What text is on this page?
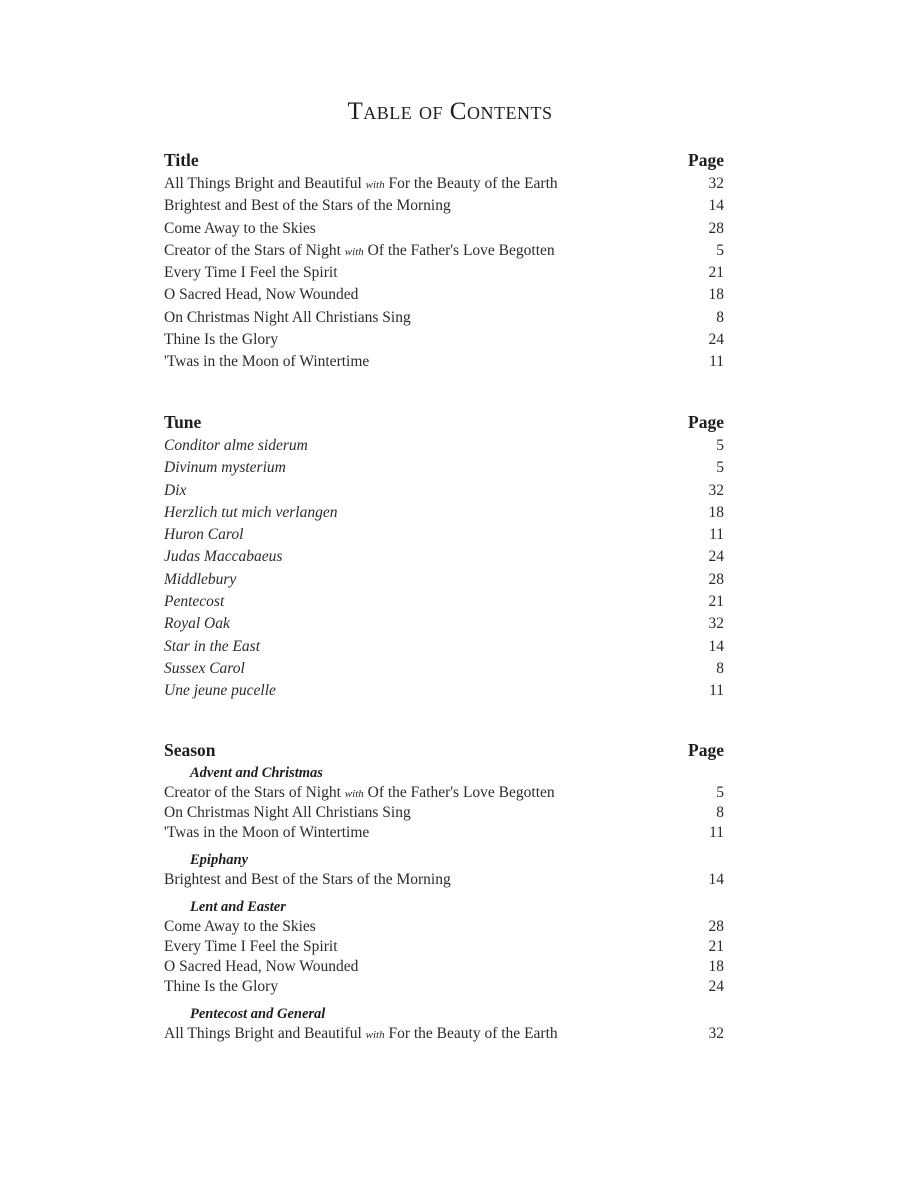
Table of Contents
Title	Page
All Things Bright and Beautiful with For the Beauty of the Earth	32
Brightest and Best of the Stars of the Morning	14
Come Away to the Skies	28
Creator of the Stars of Night with Of the Father's Love Begotten	5
Every Time I Feel the Spirit	21
O Sacred Head, Now Wounded	18
On Christmas Night All Christians Sing	8
Thine Is the Glory	24
'Twas in the Moon of Wintertime	11
Tune	Page
Conditor alme siderum	5
Divinum mysterium	5
Dix	32
Herzlich tut mich verlangen	18
Huron Carol	11
Judas Maccabaeus	24
Middlebury	28
Pentecost	21
Royal Oak	32
Star in the East	14
Sussex Carol	8
Une jeune pucelle	11
Season	Page
Advent and Christmas
Creator of the Stars of Night with Of the Father's Love Begotten	5
On Christmas Night All Christians Sing	8
'Twas in the Moon of Wintertime	11
Epiphany
Brightest and Best of the Stars of the Morning	14
Lent and Easter
Come Away to the Skies	28
Every Time I Feel the Spirit	21
O Sacred Head, Now Wounded	18
Thine Is the Glory	24
Pentecost and General
All Things Bright and Beautiful with For the Beauty of the Earth	32
